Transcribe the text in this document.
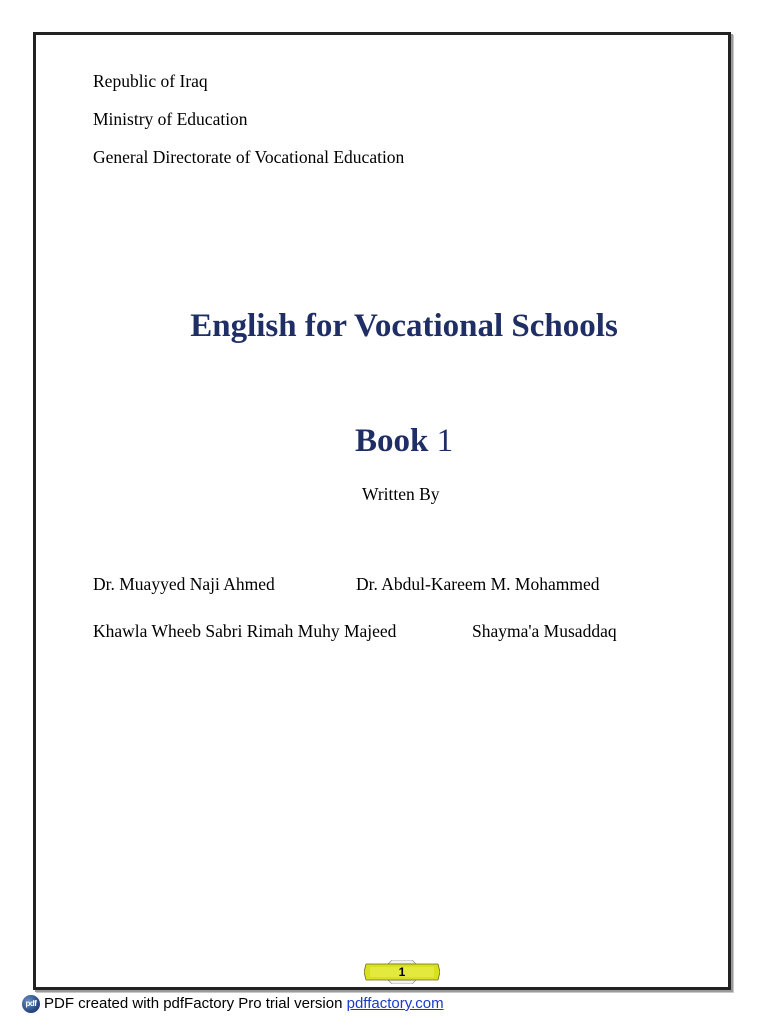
Republic of Iraq
Ministry of Education
General Directorate of Vocational Education
English for Vocational Schools
Book 1
Written By
Dr. Muayyed Naji Ahmed	Dr. Abdul-Kareem M. Mohammed
Khawla Wheeb Sabri Rimah Muhy Majeed	Shayma'a Musaddaq
1
pdf PDF created with pdfFactory Pro trial version pdffactory.com
